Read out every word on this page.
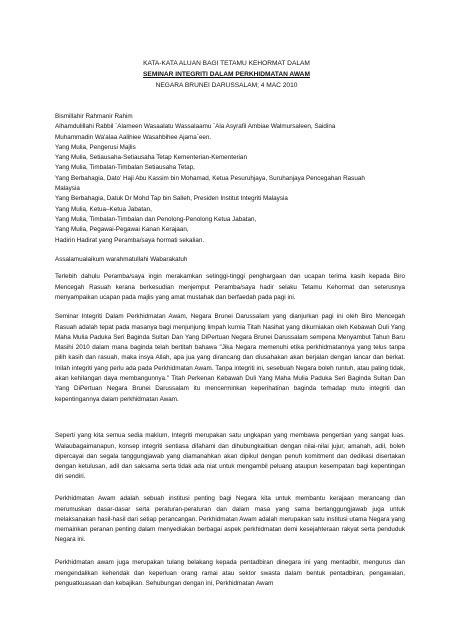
KATA-KATA ALUAN BAGI TETAMU KEHORMAT DALAM
SEMINAR INTEGRITI DALAM PERKHIDMATAN AWAM
NEGARA BRUNEI DARUSSALAM; 4 MAC 2010
Bismillahir Rahmanir Rahim
Alhamdulillahi Rabbil `Alameen Wasaalatu Wassalaamu `Ala Asyrafil Ambiae Walmursaleen, Saidina
Muhammadin Wa'alaa Aalihiee Wasahbihee Ajama`een.
Yang Mulia, Pengerusi Majlis
Yang Mulia, Setiausaha-Setiausaha Tetap Kementerian-Kementerian
Yang Mulia, Timbalan-Timbalan Setiausaha Tetap,
Yang Berbahagia, Dato' Haji Abu Kassim bin Mohamad, Ketua Pesuruhjaya, Suruhanjaya Pencegahan Rasuah
Malaysia
Yang Berbahagia, Datuk Dr Mohd Tap bin Salleh, Presiden Institut Integriti Malaysia
Yang Mulia, Ketua–Ketua Jabatan,
Yang Mulia, Timbalan-Timbalan dan Penolong-Penolong Ketua Jabatan,
Yang Mulia, Pegawai-Pegawai Kanan Kerajaan,
Hadirin Hadirat yang Peramba/saya hormati sekalian.
Assalamualaikum warahmatullahi Wabarakatuh

Terlebih dahulu Peramba/saya ingin merakamkan setinggi-tinggi penghargaan dan ucapan terima kasih kepada Biro Mencegah Rasuah kerana berkesudian menjemput Peramba/saya hadir selaku Tetamu Kehormat dan seterusnya menyampaikan ucapan pada majlis yang amat mustahak dan berfaedah pada pagi ini.

Seminar Integriti Dalam Perkhidmatan Awam, Negara Brunei Darussalam yang dianjurkan pagi ini oleh Biro Mencegah Rasuah adalah tepat pada masanya bagi menjunjung limpah kurnia Titah Nasihat yang dikurniakan oleh Kebawah Duli Yang Maha Mulia Paduka Seri Baginda Sultan Dan Yang DiPertuan Negara Brunei Darussalam sempena Menyambut Tahun Baru Masihi 2010 dalam mana baginda telah bertitah bahawa "Jika Negara memenuhi etika perkhidmatannya yang telus tanpa pilih kasih dan rasuah, maka insya Allah, apa jua yang dirancang dan diusahakan akan berjalan dengan lancar dan berkat. Inilah integriti yang perlu ada pada Perkhidmatan Awam. Tanpa integriti ini, sesebuah Negara boleh runtuh, atau paling tidak, akan kehilangan daya membangunnya." Titah Perkenan Kebawah Duli Yang Maha Mulia Paduka Seri Baginda Sultan Dan Yang DiPertuan Negara Brunei Darussalam itu mencerminkan keperihatinan baginda terhadap mutu integriti dan kepentingannya dalam perkhidmatan Awam.

Seperti yang kita semua sedia maklum, Integriti merupakan satu ungkapan yang membawa pengertian yang sangat luas. Walaubagaimanapun, konsep integriti sentiasa difahami dan dihubungkaitkan dengan nilai-nilai jujur, amanah, adil, boleh dipercayai dan segala tanggungjawab yang diamanahkan akan dipikul dengan penuh komitment dan dedikasi disertakan dengan ketulusan, adil dan saksama serta tidak ada niat untuk mengambil peluang ataupun kesempatan bagi kepentingan diri sendiri.

Perkhidmatan Awam adalah sebuah institusi penting bagi Negara kita untuk membantu kerajaan merancang dan merumuskan dasar-dasar serta peraturan-peraturan dan dalam masa yang sama bertanggungjawab juga untuk melaksanakan hasil-hasil dari setiap perancangan. Perkhidmatan Awam adalah merupakan satu institusi utama Negara yang memainkan peranan penting dalam menyediakan berbagai aspek perkhidmatan demi kesejahteraan rakyat serta penduduk Negara ini.

Perkhidmatan awam juga merupakan tulang belakang kepada pentadbiran dinegara ini yang mentadbir, mengurus dan mengendalikan kehendak dan keperluan orang ramai atau sektor swasta dalam bentuk pentadbiran, pengawalan, penguatkuasaan dan kebajikan. Sehubungan dengan ini, Perkhidmatan Awam
